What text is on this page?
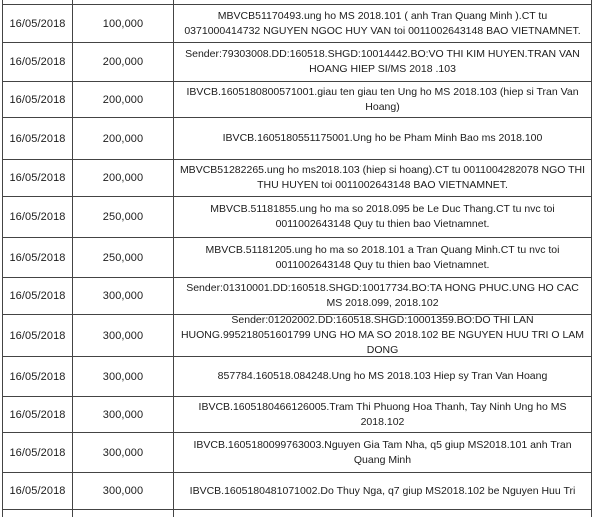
16/05/2018	100,000
MBVCB51170493.ung ho MS 2018.101 ( anh Tran Quang Minh ).CT tu 0371000414732 NGUYEN NGOC HUY VAN toi 0011002643148 BAO VIETNAMNET.
16/05/2018	200,000
Sender:79303008.DD:160518.SHGD:10014442.BO:VO THI KIM HUYEN.TRAN VAN HOANG HIEP SI/MS 2018 .103
16/05/2018	200,000
IBVCB.1605180800571001.giau ten giau ten Ung ho MS 2018.103 (hiep si Tran Van Hoang)
16/05/2018	200,000	IBVCB.1605180551175001.Ung ho be Pham Minh Bao ms 2018.100
16/05/2018	200,000
MBVCB51282265.ung ho ms2018.103 (hiep si hoang).CT tu 0011004282078 NGO THI THU HUYEN toi 0011002643148 BAO VIETNAMNET.
16/05/2018	250,000
MBVCB.51181855.ung ho ma so 2018.095 be Le Duc Thang.CT tu nvc toi 0011002643148 Quy tu thien bao Vietnamnet.
16/05/2018	250,000
MBVCB.51181205.ung ho ma so 2018.101 a Tran Quang Minh.CT tu nvc toi 0011002643148 Quy tu thien bao Vietnamnet.
16/05/2018	300,000
Sender:01310001.DD:160518.SHGD:10017734.BO:TA HONG PHUC.UNG HO CAC MS 2018.099, 2018.102
16/05/2018	300,000
Sender:01202002.DD:160518.SHGD:10001359.BO:DO THI LAN HUONG.995218051601799 UNG HO MA SO 2018.102 BE NGUYEN HUU TRI O LAM DONG
16/05/2018	300,000	857784.160518.084248.Ung ho MS 2018.103 Hiep sy Tran Van Hoang
16/05/2018	300,000
IBVCB.1605180466126005.Tram Thi Phuong Hoa Thanh, Tay Ninh Ung ho MS 2018.102
16/05/2018	300,000
IBVCB.1605180099763003.Nguyen Gia Tam Nha, q5 giup MS2018.101 anh Tran Quang Minh
16/05/2018	300,000	IBVCB.1605180481071002.Do Thuy Nga, q7 giup MS2018.102 be Nguyen Huu Tri
